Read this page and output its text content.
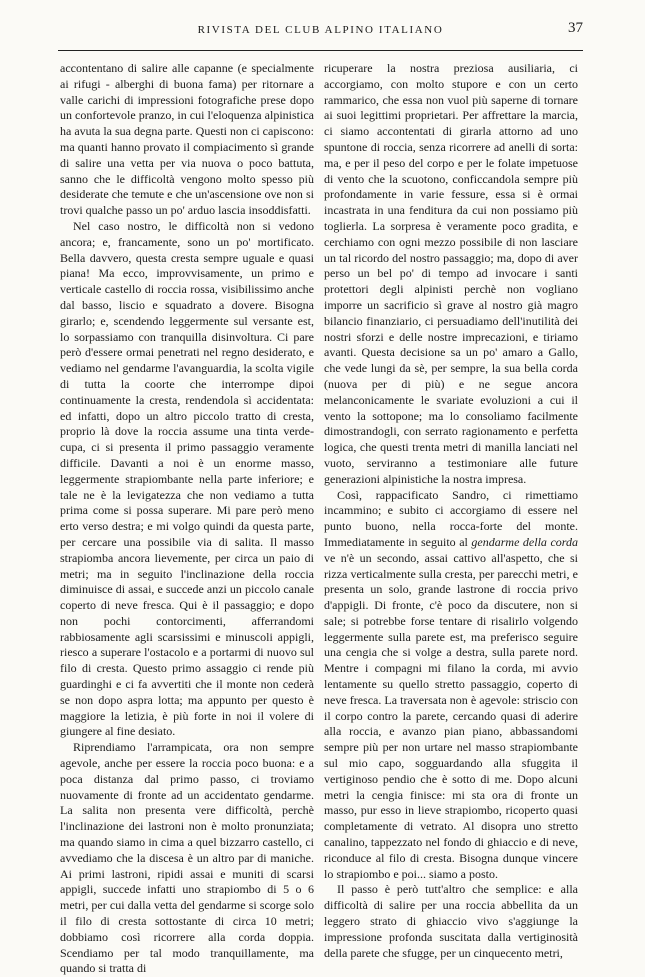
RIVISTA DEL CLUB ALPINO ITALIANO	37

accontentano di salire alle capanne (e specialmente ai rifugi - alberghi di buona fama) per ritornare a valle carichi di impressioni fotografiche prese dopo un confortevole pranzo, in cui l'eloquenza alpinistica ha avuta la sua degna parte. Questi non ci capiscono: ma quanti hanno provato il compiacimento sì grande di salire una vetta per via nuova o poco battuta, sanno che le difficoltà vengono molto spesso più desiderate che temute e che un'ascensione ove non si trovi qualche passo un po' arduo lascia insoddisfatti.

Nel caso nostro, le difficoltà non si vedono ancora; e, francamente, sono un po' mortificato. Bella davvero, questa cresta sempre uguale e quasi piana! Ma ecco, improvvisamente, un primo e verticale castello di roccia rossa, visibilissimo anche dal basso, liscio e squadrato a dovere. Bisogna girarlo; e, scendendo leggermente sul versante est, lo sorpassiamo con tranquilla disinvoltura. Ci pare però d'essere ormai penetrati nel regno desiderato, e vediamo nel gendarme l'avanguardia, la scolta vigile di tutta la coorte che interrompe dipoi continuamente la cresta, rendendola sì accidentata: ed infatti, dopo un altro piccolo tratto di cresta, proprio là dove la roccia assume una tinta verde-cupa, ci si presenta il primo passaggio veramente difficile. Davanti a noi è un enorme masso, leggermente strapiombante nella parte inferiore; e tale ne è la levigatezza che non vediamo a tutta prima come si possa superare. Mi pare però meno erto verso destra; e mi volgo quindi da questa parte, per cercare una possibile via di salita. Il masso strapiomba ancora lievemente, per circa un paio di metri; ma in seguito l'inclinazione della roccia diminuisce di assai, e succede anzi un piccolo canale coperto di neve fresca. Qui è il passaggio; e dopo non pochi contorcimenti, afferrandomi rabbiosamente agli scarsissimi e minuscoli appigli, riesco a superare l'ostacolo e a portarmi di nuovo sul filo di cresta. Questo primo assaggio ci rende più guardinghi e ci fa avvertiti che il monte non cederà se non dopo aspra lotta; ma appunto per questo è maggiore la letizia, è più forte in noi il volere di giungere al fine desiato.

Riprendiamo l'arrampicata, ora non sempre agevole, anche per essere la roccia poco buona: e a poca distanza dal primo passo, ci troviamo nuovamente di fronte ad un accidentato gendarme. La salita non presenta vere difficoltà, perchè l'inclinazione dei lastroni non è molto pronunziata; ma quando siamo in cima a quel bizzarro castello, ci avvediamo che la discesa è un altro par di maniche. Ai primi lastroni, ripidi assai e muniti di scarsi appigli, succede infatti uno strapiombo di 5 o 6 metri, per cui dalla vetta del gendarme si scorge solo il filo di cresta sottostante di circa 10 metri; dobbiamo così ricorrere alla corda doppia. Scendiamo per tal modo tranquillamente, ma quando si tratta di

ricuperare la nostra preziosa ausiliaria, ci accorgiamo, con molto stupore e con un certo rammarico, che essa non vuol più saperne di tornare ai suoi legittimi proprietari. Per affrettare la marcia, ci siamo accontentati di girarla attorno ad uno spuntone di roccia, senza ricorrere ad anelli di sorta: ma, e per il peso del corpo e per le folate impetuose di vento che la scuotono, conficcandola sempre più profondamente in varie fessure, essa si è ormai incastrata in una fenditura da cui non possiamo più toglierla. La sorpresa è veramente poco gradita, e cerchiamo con ogni mezzo possibile di non lasciare un tal ricordo del nostro passaggio; ma, dopo di aver perso un bel po' di tempo ad invocare i santi protettori degli alpinisti perchè non vogliano imporre un sacrificio sì grave al nostro già magro bilancio finanziario, ci persuadiamo dell'inutilità dei nostri sforzi e delle nostre imprecazioni, e tiriamo avanti. Questa decisione sa un po' amaro a Gallo, che vede lungi da sè, per sempre, la sua bella corda (nuova per di più) e ne segue ancora melanconicamente le svariate evoluzioni a cui il vento la sottopone; ma lo consoliamo facilmente dimostrandogli, con serrato ragionamento e perfetta logica, che questi trenta metri di manilla lanciati nel vuoto, serviranno a testimoniare alle future generazioni alpinistiche la nostra impresa.

Così, rappacificato Sandro, ci rimettiamo incammino; e subito ci accorgiamo di essere nel punto buono, nella rocca-forte del monte. Immediatamente in seguito al gendarme della corda ve n'è un secondo, assai cattivo all'aspetto, che si rizza verticalmente sulla cresta, per parecchi metri, e presenta un solo, grande lastrone di roccia privo d'appigli. Di fronte, c'è poco da discutere, non si sale; si potrebbe forse tentare di risalirlo volgendo leggermente sulla parete est, ma preferisco seguire una cengia che si volge a destra, sulla parete nord. Mentre i compagni mi filano la corda, mi avvio lentamente su quello stretto passaggio, coperto di neve fresca. La traversata non è agevole: striscio con il corpo contro la parete, cercando quasi di aderire alla roccia, e avanzo pian piano, abbassandomi sempre più per non urtare nel masso strapiombante sul mio capo, sogguardando alla sfuggita il vertiginoso pendio che è sotto di me. Dopo alcuni metri la cengia finisce: mi sta ora di fronte un masso, pur esso in lieve strapiombo, ricoperto quasi completamente di vetrato. Al disopra uno stretto canalino, tappezzato nel fondo di ghiaccio e di neve, riconduce al filo di cresta. Bisogna dunque vincere lo strapiombo e poi... siamo a posto.

Il passo è però tutt'altro che semplice: e alla difficoltà di salire per una roccia abbellita da un leggero strato di ghiaccio vivo s'aggiunge la impressione profonda suscitata dalla vertiginosità della parete che sfugge, per un cinquecento metri,
